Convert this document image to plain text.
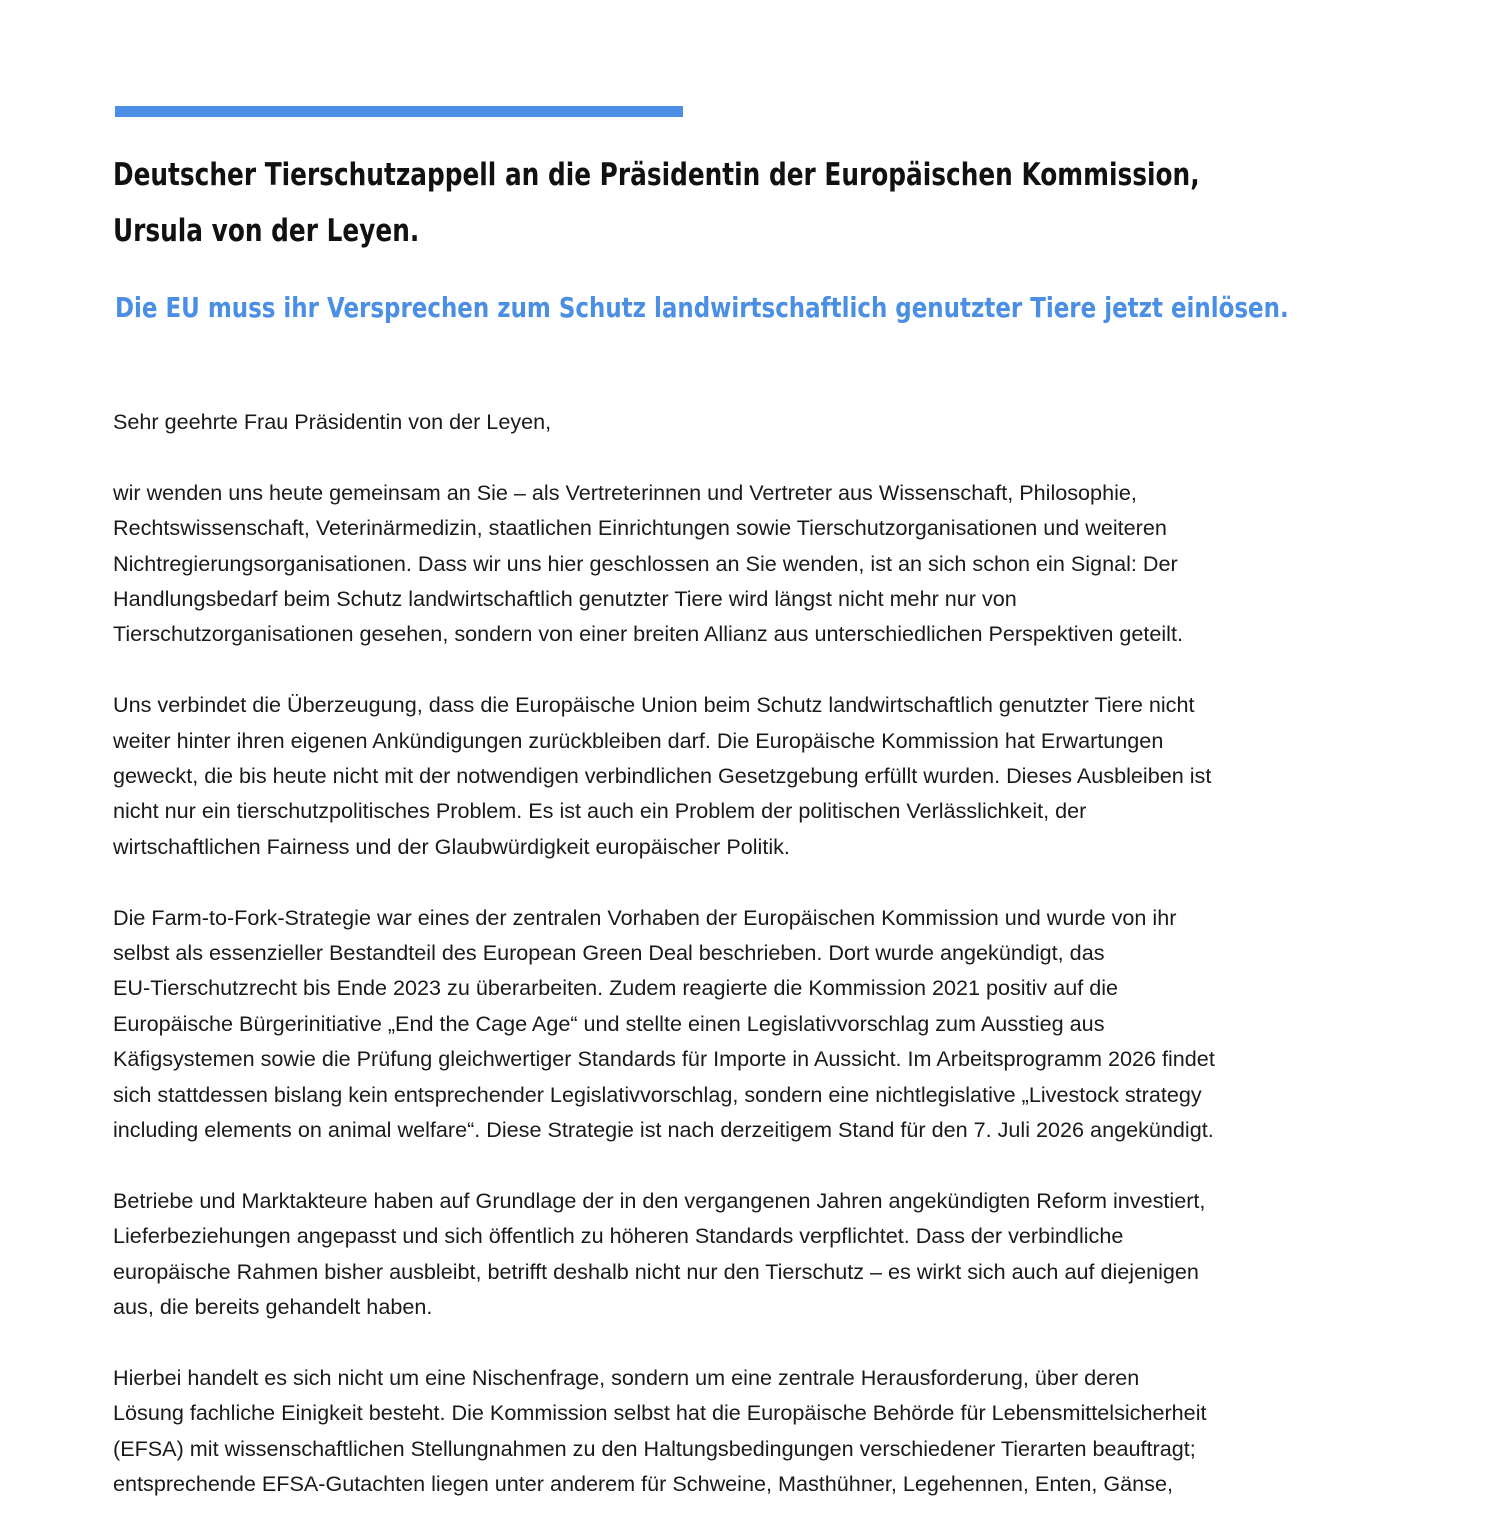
Deutscher Tierschutzappell an die Präsidentin der Europäischen Kommission,
Ursula von der Leyen.
Die EU muss ihr Versprechen zum Schutz landwirtschaftlich genutzter Tiere jetzt einlösen.

Sehr geehrte Frau Präsidentin von der Leyen,

wir wenden uns heute gemeinsam an Sie – als Vertreterinnen und Vertreter aus Wissenschaft, Philosophie,
Rechtswissenschaft, Veterinärmedizin, staatlichen Einrichtungen sowie Tierschutzorganisationen und weiteren
Nichtregierungsorganisationen. Dass wir uns hier geschlossen an Sie wenden, ist an sich schon ein Signal: Der
Handlungsbedarf beim Schutz landwirtschaftlich genutzter Tiere wird längst nicht mehr nur von
Tierschutzorganisationen gesehen, sondern von einer breiten Allianz aus unterschiedlichen Perspektiven geteilt.

Uns verbindet die Überzeugung, dass die Europäische Union beim Schutz landwirtschaftlich genutzter Tiere nicht
weiter hinter ihren eigenen Ankündigungen zurückbleiben darf. Die Europäische Kommission hat Erwartungen
geweckt, die bis heute nicht mit der notwendigen verbindlichen Gesetzgebung erfüllt wurden. Dieses Ausbleiben ist
nicht nur ein tierschutzpolitisches Problem. Es ist auch ein Problem der politischen Verlässlichkeit, der
wirtschaftlichen Fairness und der Glaubwürdigkeit europäischer Politik.

Die Farm-to-Fork-Strategie war eines der zentralen Vorhaben der Europäischen Kommission und wurde von ihr
selbst als essenzieller Bestandteil des European Green Deal beschrieben. Dort wurde angekündigt, das
EU-Tierschutzrecht bis Ende 2023 zu überarbeiten. Zudem reagierte die Kommission 2021 positiv auf die
Europäische Bürgerinitiative „End the Cage Age“ und stellte einen Legislativvorschlag zum Ausstieg aus
Käfigsystemen sowie die Prüfung gleichwertiger Standards für Importe in Aussicht. Im Arbeitsprogramm 2026 findet
sich stattdessen bislang kein entsprechender Legislativvorschlag, sondern eine nichtlegislative „Livestock strategy
including elements on animal welfare“. Diese Strategie ist nach derzeitigem Stand für den 7. Juli 2026 angekündigt.

Betriebe und Marktakteure haben auf Grundlage der in den vergangenen Jahren angekündigten Reform investiert,
Lieferbeziehungen angepasst und sich öffentlich zu höheren Standards verpflichtet. Dass der verbindliche
europäische Rahmen bisher ausbleibt, betrifft deshalb nicht nur den Tierschutz – es wirkt sich auch auf diejenigen
aus, die bereits gehandelt haben.

Hierbei handelt es sich nicht um eine Nischenfrage, sondern um eine zentrale Herausforderung, über deren
Lösung fachliche Einigkeit besteht. Die Kommission selbst hat die Europäische Behörde für Lebensmittelsicherheit
(EFSA) mit wissenschaftlichen Stellungnahmen zu den Haltungsbedingungen verschiedener Tierarten beauftragt;
entsprechende EFSA-Gutachten liegen unter anderem für Schweine, Masthühner, Legehennen, Enten, Gänse,
